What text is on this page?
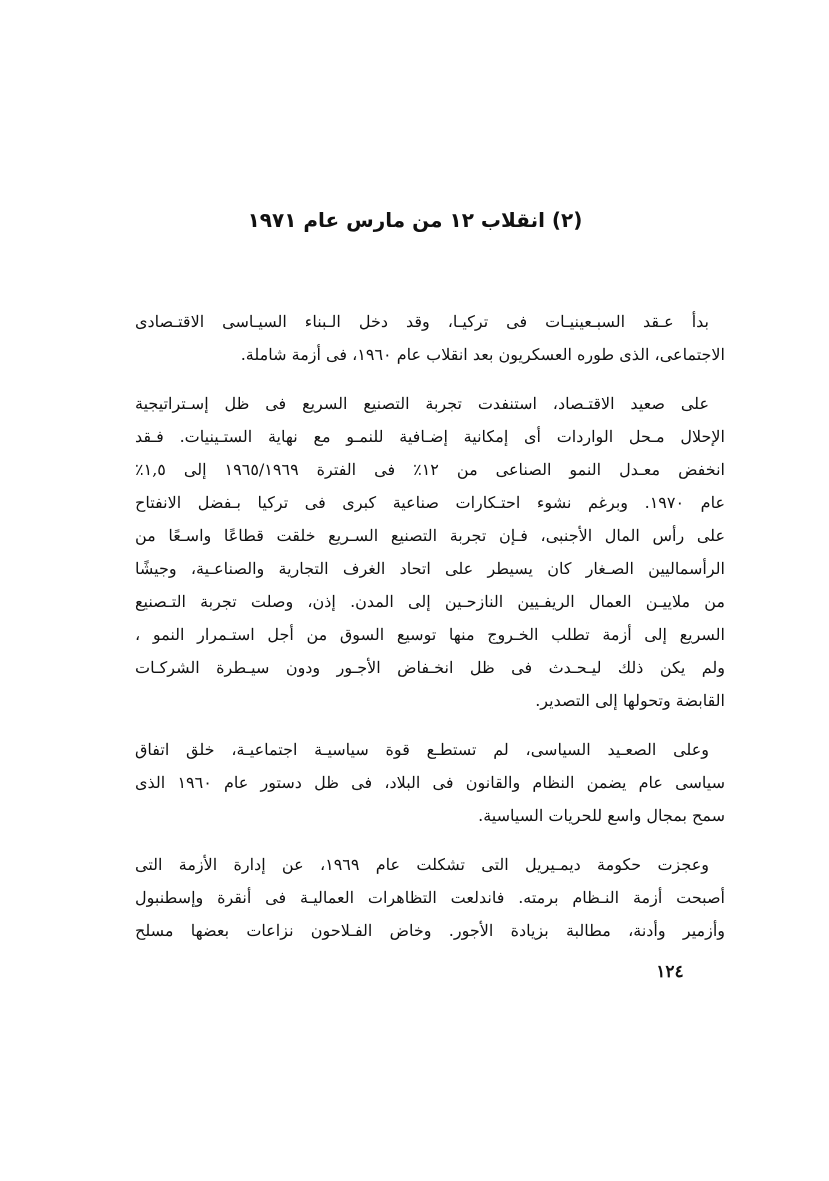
(٢) انقلاب ١٢ من مارس عام ١٩٧١
بدأ عـقد السبـعينيـات فى تركيـا، وقد دخل الـبناء السيـاسى الاقتـصادى
الاجتماعى، الذى طوره العسكريون بعد انقلاب عام ١٩٦٠، فى أزمة شاملة.
على صعيد الاقتـصاد، استنفدت تجربة التصنيع السريع فى ظل إسـتراتيجية
الإحلال مـحل الواردات أى إمكانية إضـافية للنمـو مع نهاية الستـينيات. فـقد
انخفض معـدل النمو الصناعى من ١٢٪ فى الفترة ١٩٦٥/١٩٦٩ إلى ١,٥٪
عام ١٩٧٠. وبرغم نشوء احتـكارات صناعية كبرى فى تركيا بـفضل الانفتاح
على رأس المال الأجنبى، فـإن تجربة التصنيع السـريع خلقت قطاعًا واسـعًا من
الرأسماليين الصـغار كان يسيطر على اتحاد الغرف التجارية والصناعـية، وجيشًا
من ملاييـن العمال الريفـيين النازحـين إلى المدن. إذن، وصلت تجربة التـصنيع
السريع إلى أزمة تطلب الخـروج منها توسيع السوق من أجل استـمرار النمو ،
ولم يكن ذلك ليـحـدث فى ظل انخـفاض الأجـور ودون سيـطرة الشركـات
القابضة وتحولها إلى التصدير.
وعلى الصعـيد السياسى، لم تستطـع قوة سياسيـة اجتماعيـة، خلق اتفاق
سياسى عام يضمن النظام والقانون فى البلاد، فى ظل دستور عام ١٩٦٠ الذى
سمح بمجال واسع للحريات السياسية.
وعجزت حكومة ديمـيريل التى تشكلت عام ١٩٦٩، عن إدارة الأزمة التى
أصبحت أزمة النـظام برمته. فاندلعت التظاهرات العماليـة فى أنقرة وإسطنبول
وأزمير وأدنة، مطالبة بزيادة الأجور. وخاض الفـلاحون نزاعات بعضها مسلح
١٢٤
